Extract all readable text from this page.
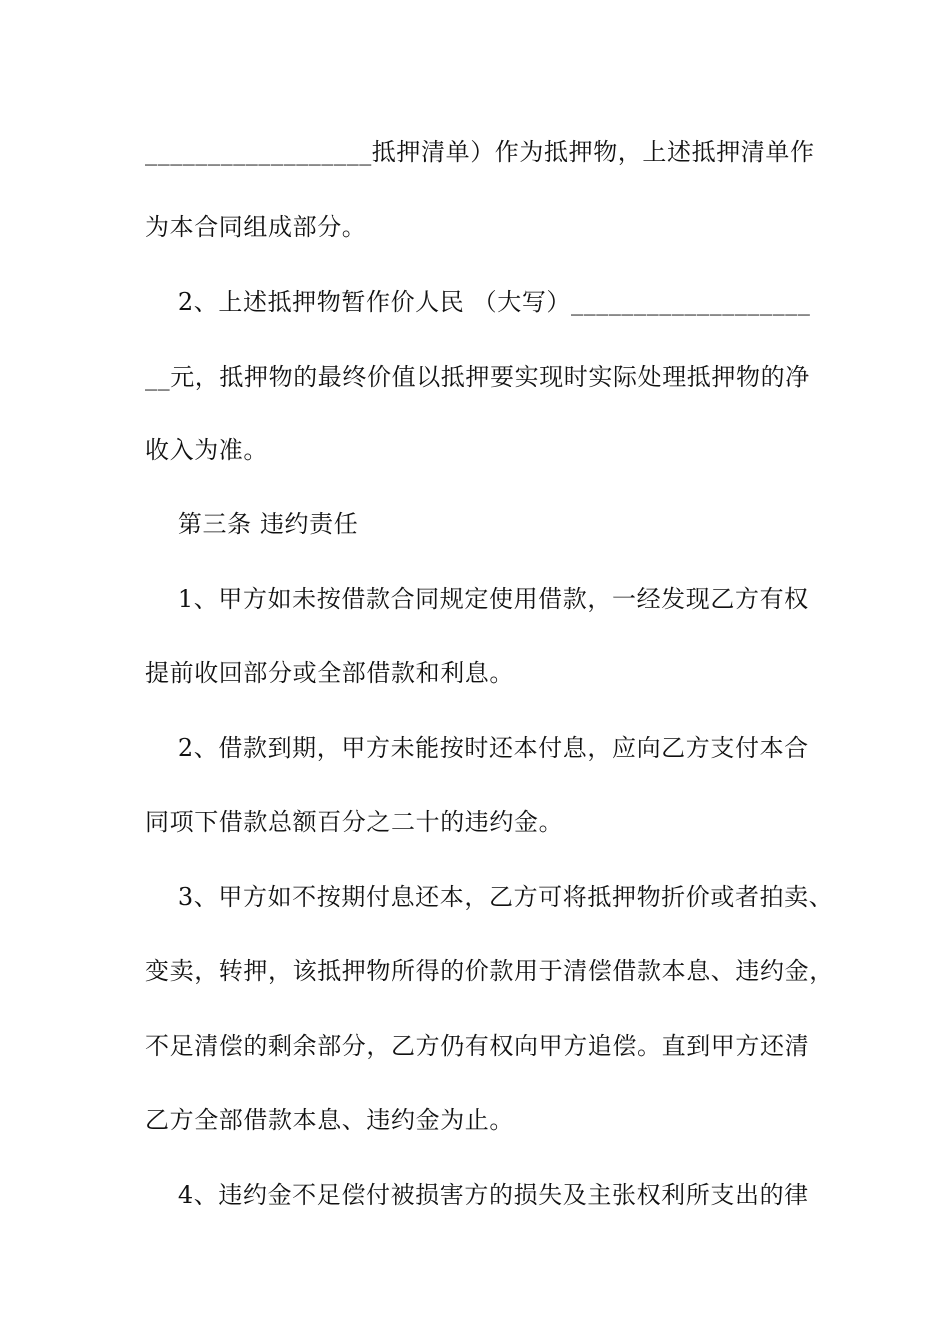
__________________抵押清单）作为抵押物，上述抵押清单作
为本合同组成部分。
2、上述抵押物暂作价人民 （大写）___________________
__元，抵押物的最终价值以抵押要实现时实际处理抵押物的净
收入为准。
第三条 违约责任
1、甲方如未按借款合同规定使用借款，一经发现乙方有权
提前收回部分或全部借款和利息。
2、借款到期，甲方未能按时还本付息，应向乙方支付本合
同项下借款总额百分之二十的违约金。
3、甲方如不按期付息还本，乙方可将抵押物折价或者拍卖、
变卖，转押，该抵押物所得的价款用于清偿借款本息、违约金，
不足清偿的剩余部分，乙方仍有权向甲方追偿。直到甲方还清
乙方全部借款本息、违约金为止。
4、违约金不足偿付被损害方的损失及主张权利所支出的律
